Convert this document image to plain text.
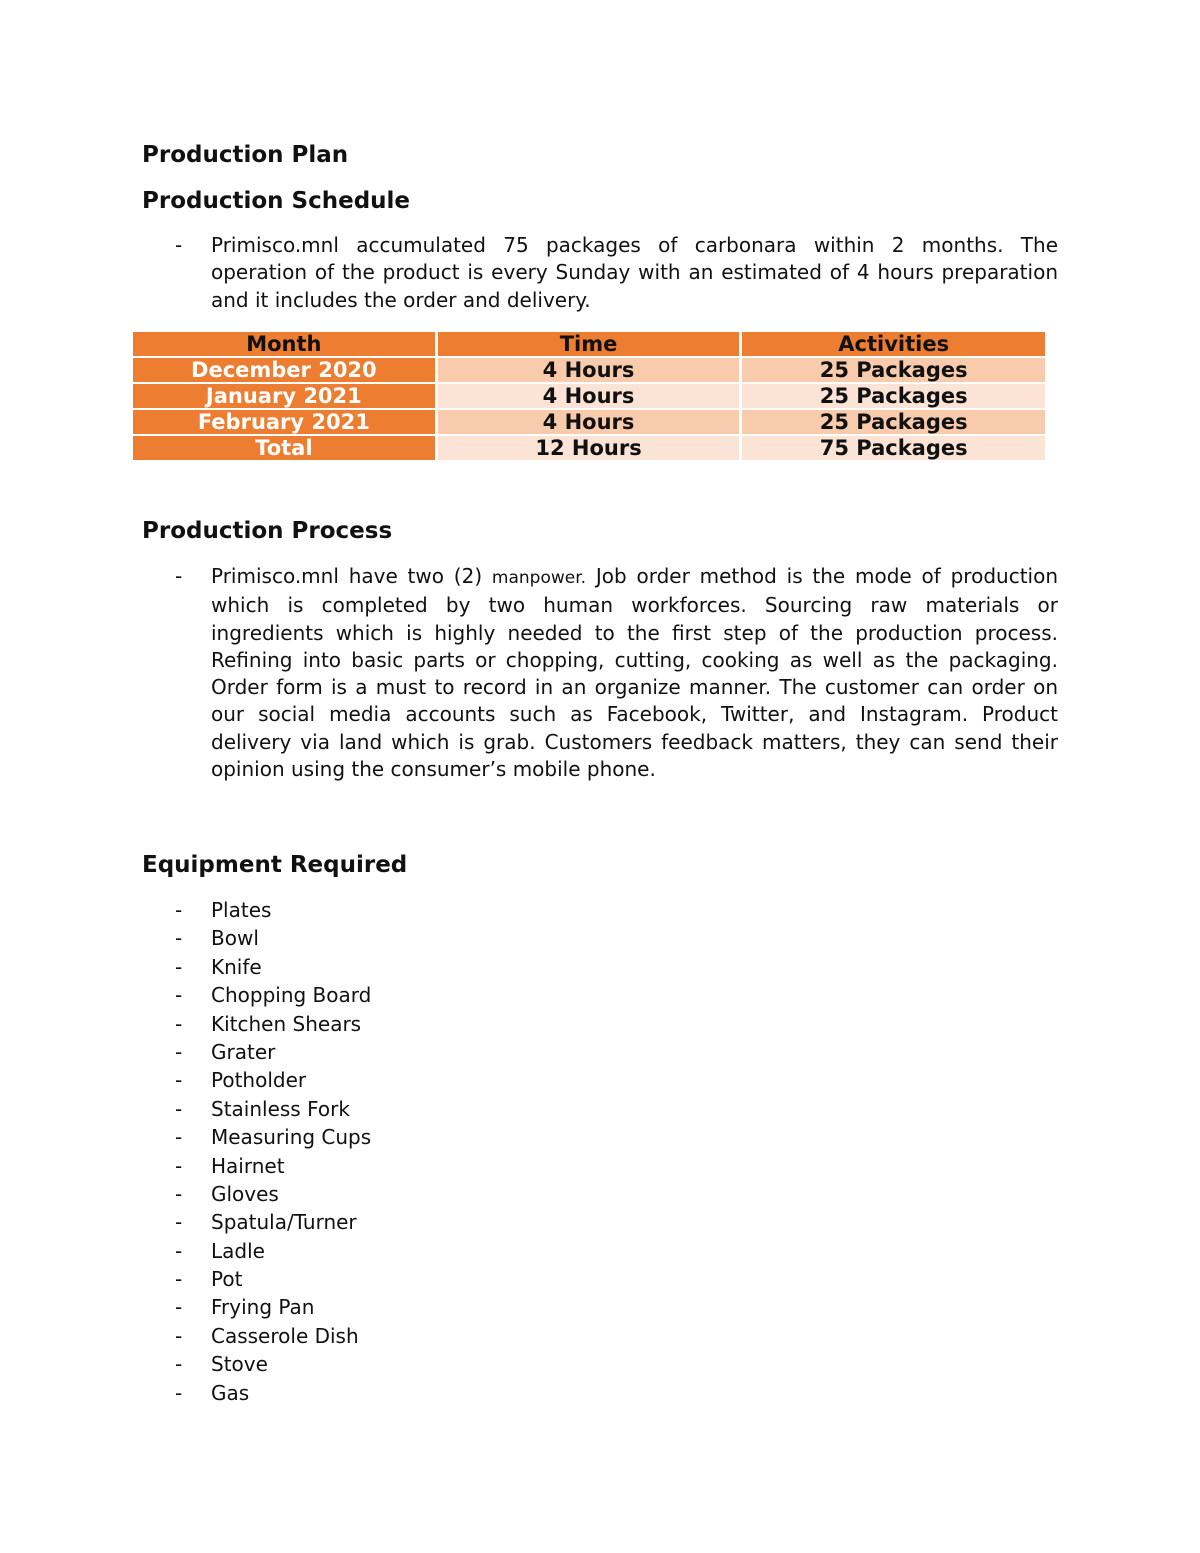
Production Plan
Production Schedule
- Primisco.mnl accumulated 75 packages of carbonara within 2 months. The operation of the product is every Sunday with an estimated of 4 hours preparation and it includes the order and delivery.

Month	Time	Activities
December 2020	4 Hours	25 Packages
January 2021	4 Hours	25 Packages
February 2021	4 Hours	25 Packages
Total	12 Hours	75 Packages
Production Process
- Primisco.mnl have two (2) manpower. Job order method is the mode of production which is completed by two human workforces. Sourcing raw materials or ingredients which is highly needed to the first step of the production process. Refining into basic parts or chopping, cutting, cooking as well as the packaging. Order form is a must to record in an organize manner. The customer can order on our social media accounts such as Facebook, Twitter, and Instagram. Product delivery via land which is grab. Customers feedback matters, they can send their opinion using the consumer’s mobile phone.

Equipment Required
- Plates
- Bowl
- Knife
- Chopping Board
- Kitchen Shears
- Grater
- Potholder
- Stainless Fork
- Measuring Cups
- Hairnet
- Gloves
- Spatula/Turner
- Ladle
- Pot
- Frying Pan
- Casserole Dish
- Stove
- Gas
